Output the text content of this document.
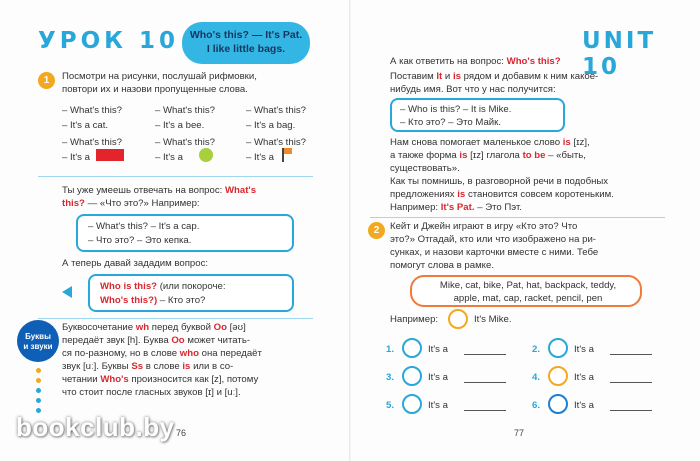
УРОК 10	Who's this? — It's Pat.
I like little bags.
1	Посмотри на рисунки, послушай рифмовки,
повтори их и назови пропущенные слова.
– What's this?
– It's a cat.
– What's this?
– It's a bee.
– What's this?
– It's a bag.
– What's this?
– It's a
– What's this?
– It's a
– What's this?
– It's a
Ты уже умеешь отвечать на вопрос: What's
this? — «Что это?» Например:
– What's this? – It's a cap.
– Что это? – Это кепка.
А теперь давай зададим вопрос:
Who is this? (или покороче:
Who's this?) – Кто это?
Буквы
и звуки
Буквосочетание wh перед буквой Oo [əʊ]
передаёт звук [h]. Буква Oo может читать-
ся по-разному, но в слове who она передаёт
звук [uː]. Буквы Ss в слове is или в со-
четании Who's произносится как [z], потому
что стоит после гласных звуков [ɪ] и [uː].
76
UNIT 10
А как ответить на вопрос: Who's this?
Поставим It и is рядом и добавим к ним какое-
нибудь имя. Вот что у нас получится:
– Who is this? – It is Mike.
– Кто это? – Это Майк.
Нам снова помогает маленькое слово is [ɪz],
а также форма is [ɪz] глагола to be – «быть,
существовать».
Как ты помнишь, в разговорной речи в подобных
предложениях is становится совсем коротеньким.
Например: It's Pat. – Это Пэт.
2	Кейт и Джейн играют в игру «Кто это? Что
это?» Отгадай, кто или что изображено на ри-
сунках, и назови карточки вместе с ними. Тебе
помогут слова в рамке.
Mike, cat, bike, Pat, hat, backpack, teddy,
apple, mat, cap, racket, pencil, pen
Например:	It's Mike.
1.	It's a	2.	It's a
3.	It's a	4.	It's a
5.	It's a	6.	It's a
77
bookclub.by
